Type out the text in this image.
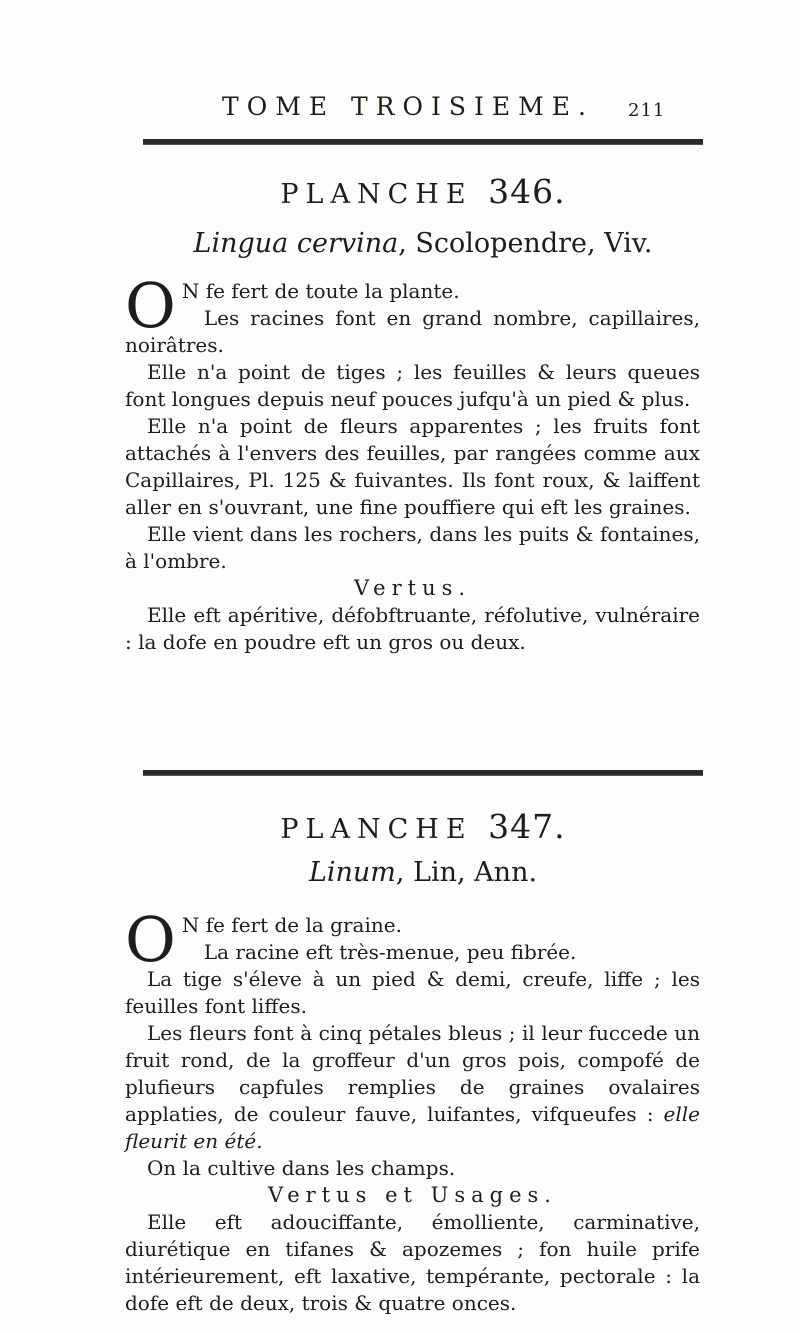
TOME TROISIEME.	211
PLANCHE 346.
Lingua cervina, Scolopendre, Viv.

O N fe fert de toute la plante.

Les racines font en grand nombre, capillaires, noirâtres.

Elle n'a point de tiges ; les feuilles & leurs queues font longues depuis neuf pouces jufqu'à un pied & plus.

Elle n'a point de fleurs apparentes ; les fruits font attachés à l'envers des feuilles, par rangées comme aux Capillaires, Pl. 125 & fuivantes. Ils font roux, & laiffent aller en s'ouvrant, une fine pouffiere qui eft les graines.

Elle vient dans les rochers, dans les puits & fontaines, à l'ombre.

Vertus.

Elle eft apéritive, défobftruante, réfolutive, vulnéraire : la dofe en poudre eft un gros ou deux.

PLANCHE 347.
Linum, Lin, Ann.

O N fe fert de la graine.

La racine eft très-menue, peu fibrée.

La tige s'éleve à un pied & demi, creufe, liffe ; les feuilles font liffes.

Les fleurs font à cinq pétales bleus ; il leur fuccede un fruit rond, de la groffeur d'un gros pois, compofé de plufieurs capfules remplies de graines ovalaires applaties, de couleur fauve, luifantes, vifqueufes : elle fleurit en été.

On la cultive dans les champs.

Vertus et Usages.

Elle eft adouciffante, émolliente, carminative, diurétique en tifanes & apozemes ; fon huile prife intérieurement, eft laxative, tempérante, pectorale : la dofe eft de deux, trois & quatre onces.
